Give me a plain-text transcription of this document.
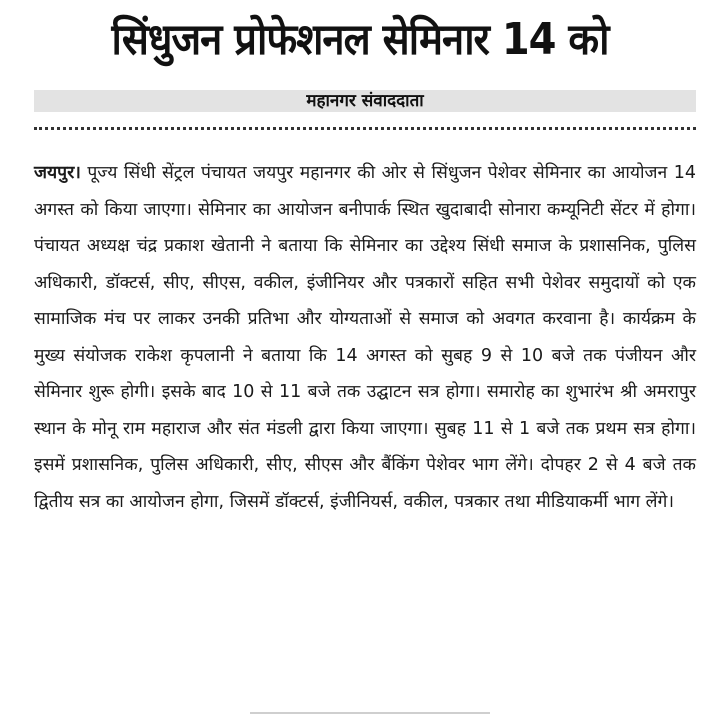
सिंधुजन प्रोफेशनल सेमिनार 14 को
महानगर संवाददाता

जयपुर। पूज्य सिंधी सेंट्रल पंचायत जयपुर महानगर की ओर से सिंधुजन पेशेवर सेमिनार का आयोजन 14 अगस्त को किया जाएगा। सेमिनार का आयोजन बनीपार्क स्थित खुदाबादी सोनारा कम्यूनिटी सेंटर में होगा। पंचायत अध्यक्ष चंद्र प्रकाश खेतानी ने बताया कि सेमिनार का उद्देश्य सिंधी समाज के प्रशासनिक, पुलिस अधिकारी, डॉक्टर्स, सीए, सीएस, वकील, इंजीनियर और पत्रकारों सहित सभी पेशेवर समुदायों को एक सामाजिक मंच पर लाकर उनकी प्रतिभा और योग्यताओं से समाज को अवगत करवाना है। कार्यक्रम के मुख्य संयोजक राकेश कृपलानी ने बताया कि 14 अगस्त को सुबह 9 से 10 बजे तक पंजीयन और सेमिनार शुरू होगी। इसके बाद 10 से 11 बजे तक उद्घाटन सत्र होगा। समारोह का शुभारंभ श्री अमरापुर स्थान के मोनू राम महाराज और संत मंडली द्वारा किया जाएगा। सुबह 11 से 1 बजे तक प्रथम सत्र होगा। इसमें प्रशासनिक, पुलिस अधिकारी, सीए, सीएस और बैंकिंग पेशेवर भाग लेंगे। दोपहर 2 से 4 बजे तक द्वितीय सत्र का आयोजन होगा, जिसमें डॉक्टर्स, इंजीनियर्स, वकील, पत्रकार तथा मीडियाकर्मी भाग लेंगे।
